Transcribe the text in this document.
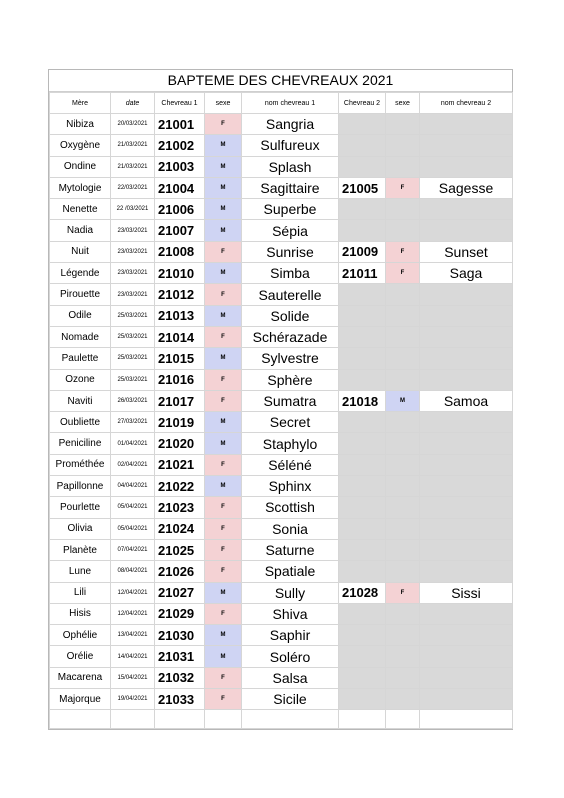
BAPTEME DES CHEVREAUX 2021
Mère	date	Chevreau 1	sexe	nom chevreau 1	Chevreau 2	sexe	nom chevreau 2
Nibiza	20/03/2021	21001	F	Sangria			
Oxygène	21/03/2021	21002	M	Sulfureux			
Ondine	21/03/2021	21003	M	Splash			
Mytologie	22/03/2021	21004	M	Sagittaire	21005	F	Sagesse
Nenette	22 /03/2021	21006	M	Superbe			
Nadia	23/03/2021	21007	M	Sépia			
Nuit	23/03/2021	21008	F	Sunrise	21009	F	Sunset
Légende	23/03/2021	21010	M	Simba	21011	F	Saga
Pirouette	23/03/2021	21012	F	Sauterelle			
Odile	25/03/2021	21013	M	Solide			
Nomade	25/03/2021	21014	F	Schérazade			
Paulette	25/03/2021	21015	M	Sylvestre			
Ozone	25/03/2021	21016	F	Sphère			
Naviti	26/03/2021	21017	F	Sumatra	21018	M	Samoa
Oubliette	27/03/2021	21019	M	Secret			
Peniciline	01/04/2021	21020	M	Staphylo			
Prométhée	02/04/2021	21021	F	Séléné			
Papillonne	04/04/2021	21022	M	Sphinx			
Pourlette	05/04/2021	21023	F	Scottish			
Olivia	05/04/2021	21024	F	Sonia			
Planète	07/04/2021	21025	F	Saturne			
Lune	08/04/2021	21026	F	Spatiale			
Lili	12/04/2021	21027	M	Sully	21028	F	Sissi
Hisis	12/04/2021	21029	F	Shiva			
Ophélie	13/04/2021	21030	M	Saphir			
Orélie	14/04/2021	21031	M	Soléro			
Macarena	15/04/2021	21032	F	Salsa			
Majorque	19/04/2021	21033	F	Sicile			
